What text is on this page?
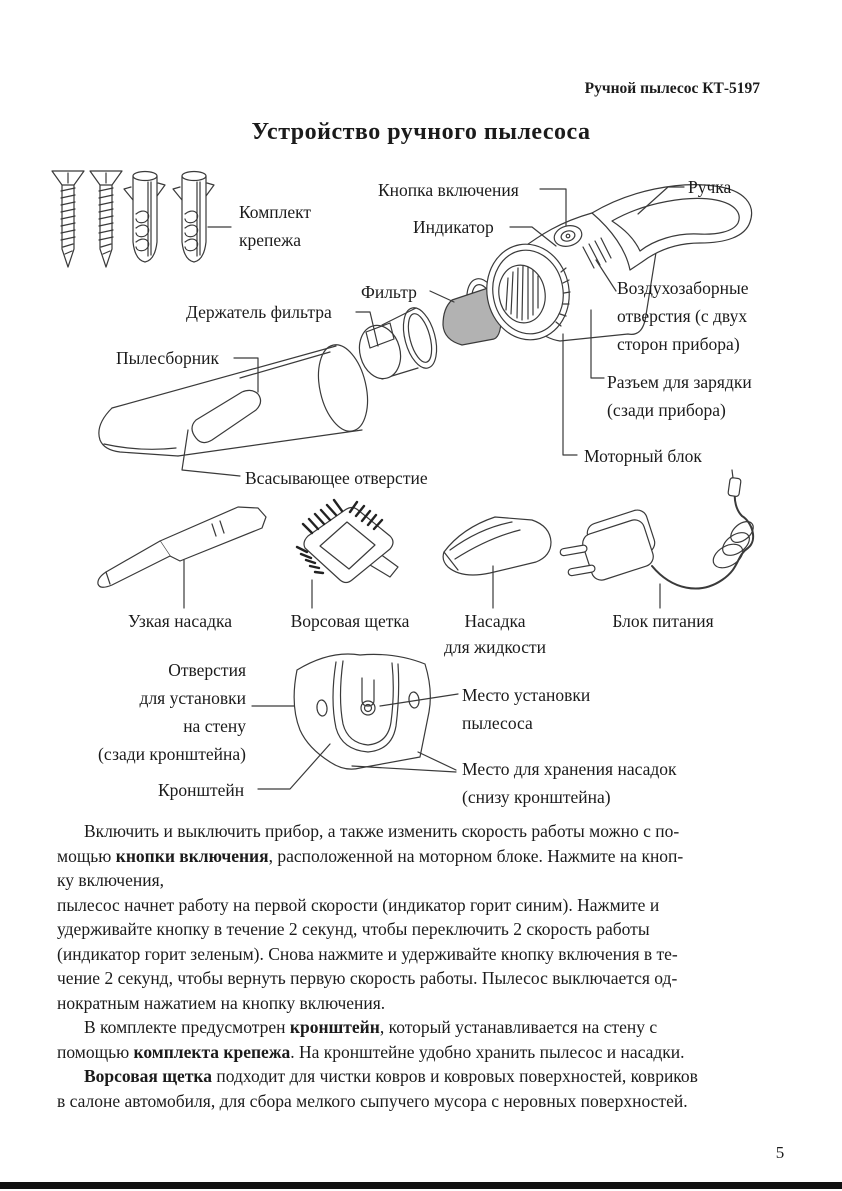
Ручной пылесос КТ-5197
Устройство ручного пылесоса
Комплект
крепежа
Кнопка включения
Индикатор
Ручка
Фильтр
Держатель фильтра
Воздухозаборные
отверстия (с двух
сторон прибора)
Пылесборник
Разъем для зарядки
(сзади прибора)
Моторный блок
Всасывающее отверстие
Узкая насадка	Ворсовая щетка	Насадка
для жидкости
Блок питания
Отверстия
для установки
на стену
(сзади кронштейна)
Место установки
пылесоса
Место для хранения насадок
(снизу кронштейна)
Кронштейн
Включить и выключить прибор, а также изменить скорость работы можно с по-
мощью кнопки включения, расположенной на моторном блоке. Нажмите на кноп-
ку включения,
пылесос начнет работу на первой скорости (индикатор горит синим). Нажмите и
удерживайте кнопку в течение 2 секунд, чтобы переключить 2 скорость работы
(индикатор горит зеленым). Снова нажмите и удерживайте кнопку включения в те-
чение 2 секунд, чтобы вернуть первую скорость работы. Пылесос выключается од-
нократным нажатием на кнопку включения.
В комплекте предусмотрен кронштейн, который устанавливается на стену с
помощью комплекта крепежа. На кронштейне удобно хранить пылесос и насадки.
Ворсовая щетка подходит для чистки ковров и ковровых поверхностей, ковриков
в салоне автомобиля, для сбора мелкого сыпучего мусора с неровных поверхностей.
5
